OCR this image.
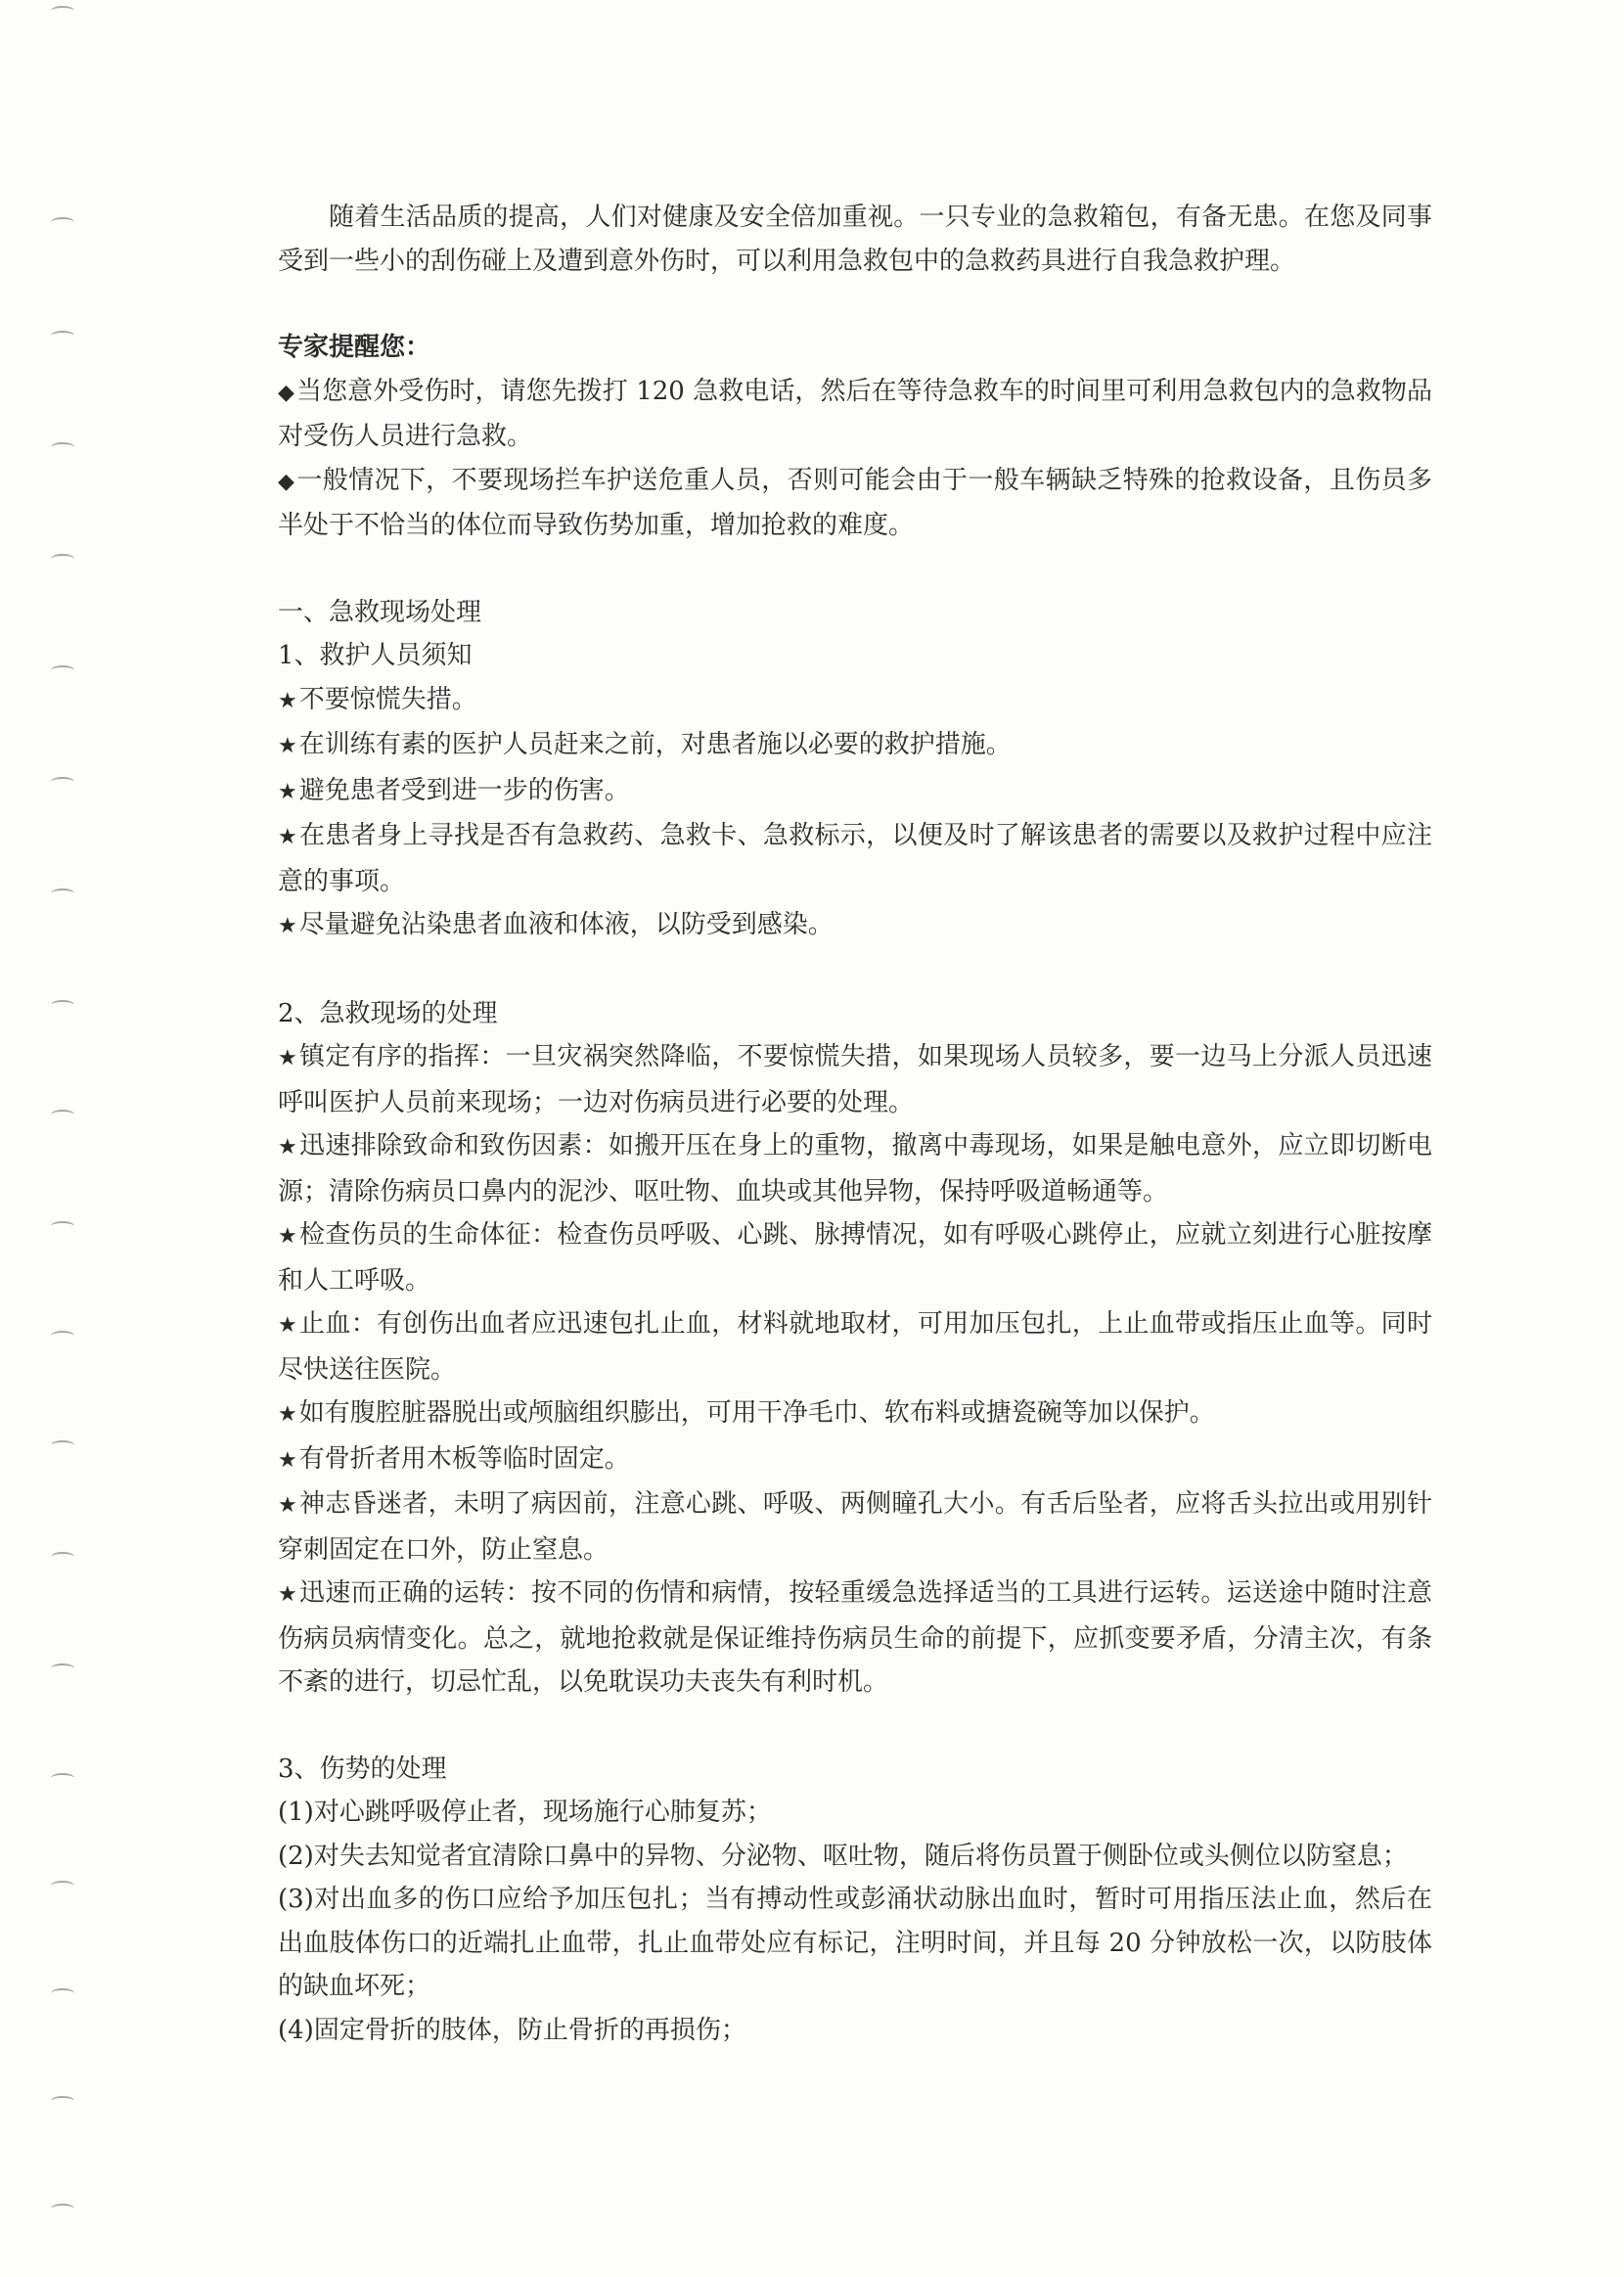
随着生活品质的提高，人们对健康及安全倍加重视。一只专业的急救箱包，有备无患。在您及同事受到一些小的刮伤碰上及遭到意外伤时，可以利用急救包中的急救药具进行自我急救护理。

专家提醒您：

◆当您意外受伤时，请您先拨打 120 急救电话，然后在等待急救车的时间里可利用急救包内的急救物品对受伤人员进行急救。

◆一般情况下，不要现场拦车护送危重人员，否则可能会由于一般车辆缺乏特殊的抢救设备，且伤员多半处于不恰当的体位而导致伤势加重，增加抢救的难度。

一、急救现场处理

1、救护人员须知

★不要惊慌失措。

★在训练有素的医护人员赶来之前，对患者施以必要的救护措施。

★避免患者受到进一步的伤害。

★在患者身上寻找是否有急救药、急救卡、急救标示，以便及时了解该患者的需要以及救护过程中应注意的事项。

★尽量避免沾染患者血液和体液，以防受到感染。

2、急救现场的处理

★镇定有序的指挥：一旦灾祸突然降临，不要惊慌失措，如果现场人员较多，要一边马上分派人员迅速呼叫医护人员前来现场；一边对伤病员进行必要的处理。

★迅速排除致命和致伤因素：如搬开压在身上的重物，撤离中毒现场，如果是触电意外，应立即切断电源；清除伤病员口鼻内的泥沙、呕吐物、血块或其他异物，保持呼吸道畅通等。

★检查伤员的生命体征：检查伤员呼吸、心跳、脉搏情况，如有呼吸心跳停止，应就立刻进行心脏按摩和人工呼吸。

★止血：有创伤出血者应迅速包扎止血，材料就地取材，可用加压包扎，上止血带或指压止血等。同时尽快送往医院。

★如有腹腔脏器脱出或颅脑组织膨出，可用干净毛巾、软布料或搪瓷碗等加以保护。

★有骨折者用木板等临时固定。

★神志昏迷者，未明了病因前，注意心跳、呼吸、两侧瞳孔大小。有舌后坠者，应将舌头拉出或用别针穿刺固定在口外，防止窒息。

★迅速而正确的运转：按不同的伤情和病情，按轻重缓急选择适当的工具进行运转。运送途中随时注意伤病员病情变化。总之，就地抢救就是保证维持伤病员生命的前提下，应抓变要矛盾，分清主次，有条不紊的进行，切忌忙乱，以免耽误功夫丧失有利时机。

3、伤势的处理

(1)对心跳呼吸停止者，现场施行心肺复苏；

(2)对失去知觉者宜清除口鼻中的异物、分泌物、呕吐物，随后将伤员置于侧卧位或头侧位以防窒息；

(3)对出血多的伤口应给予加压包扎；当有搏动性或彭涌状动脉出血时，暂时可用指压法止血，然后在出血肢体伤口的近端扎止血带，扎止血带处应有标记，注明时间，并且每 20 分钟放松一次，以防肢体的缺血坏死；

(4)固定骨折的肢体，防止骨折的再损伤；
